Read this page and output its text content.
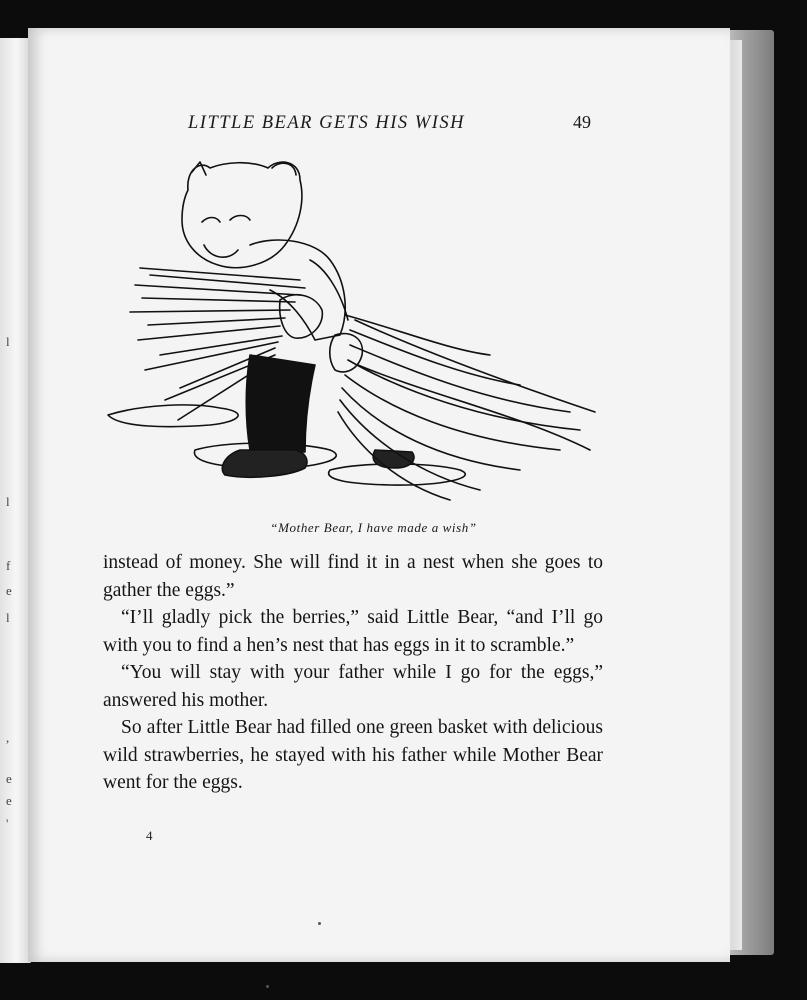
l
l
f
e
l
,
e
e
'
LITTLE BEAR GETS HIS WISH	49
“Mother Bear, I have made a wish”

instead of money. She will find it in a nest when she goes to gather the eggs.”

“I’ll gladly pick the berries,” said Little Bear, “and I’ll go with you to find a hen’s nest that has eggs in it to scramble.”

“You will stay with your father while I go for the eggs,” answered his mother.

So after Little Bear had filled one green basket with delicious wild strawberries, he stayed with his father while Mother Bear went for the eggs.

4
